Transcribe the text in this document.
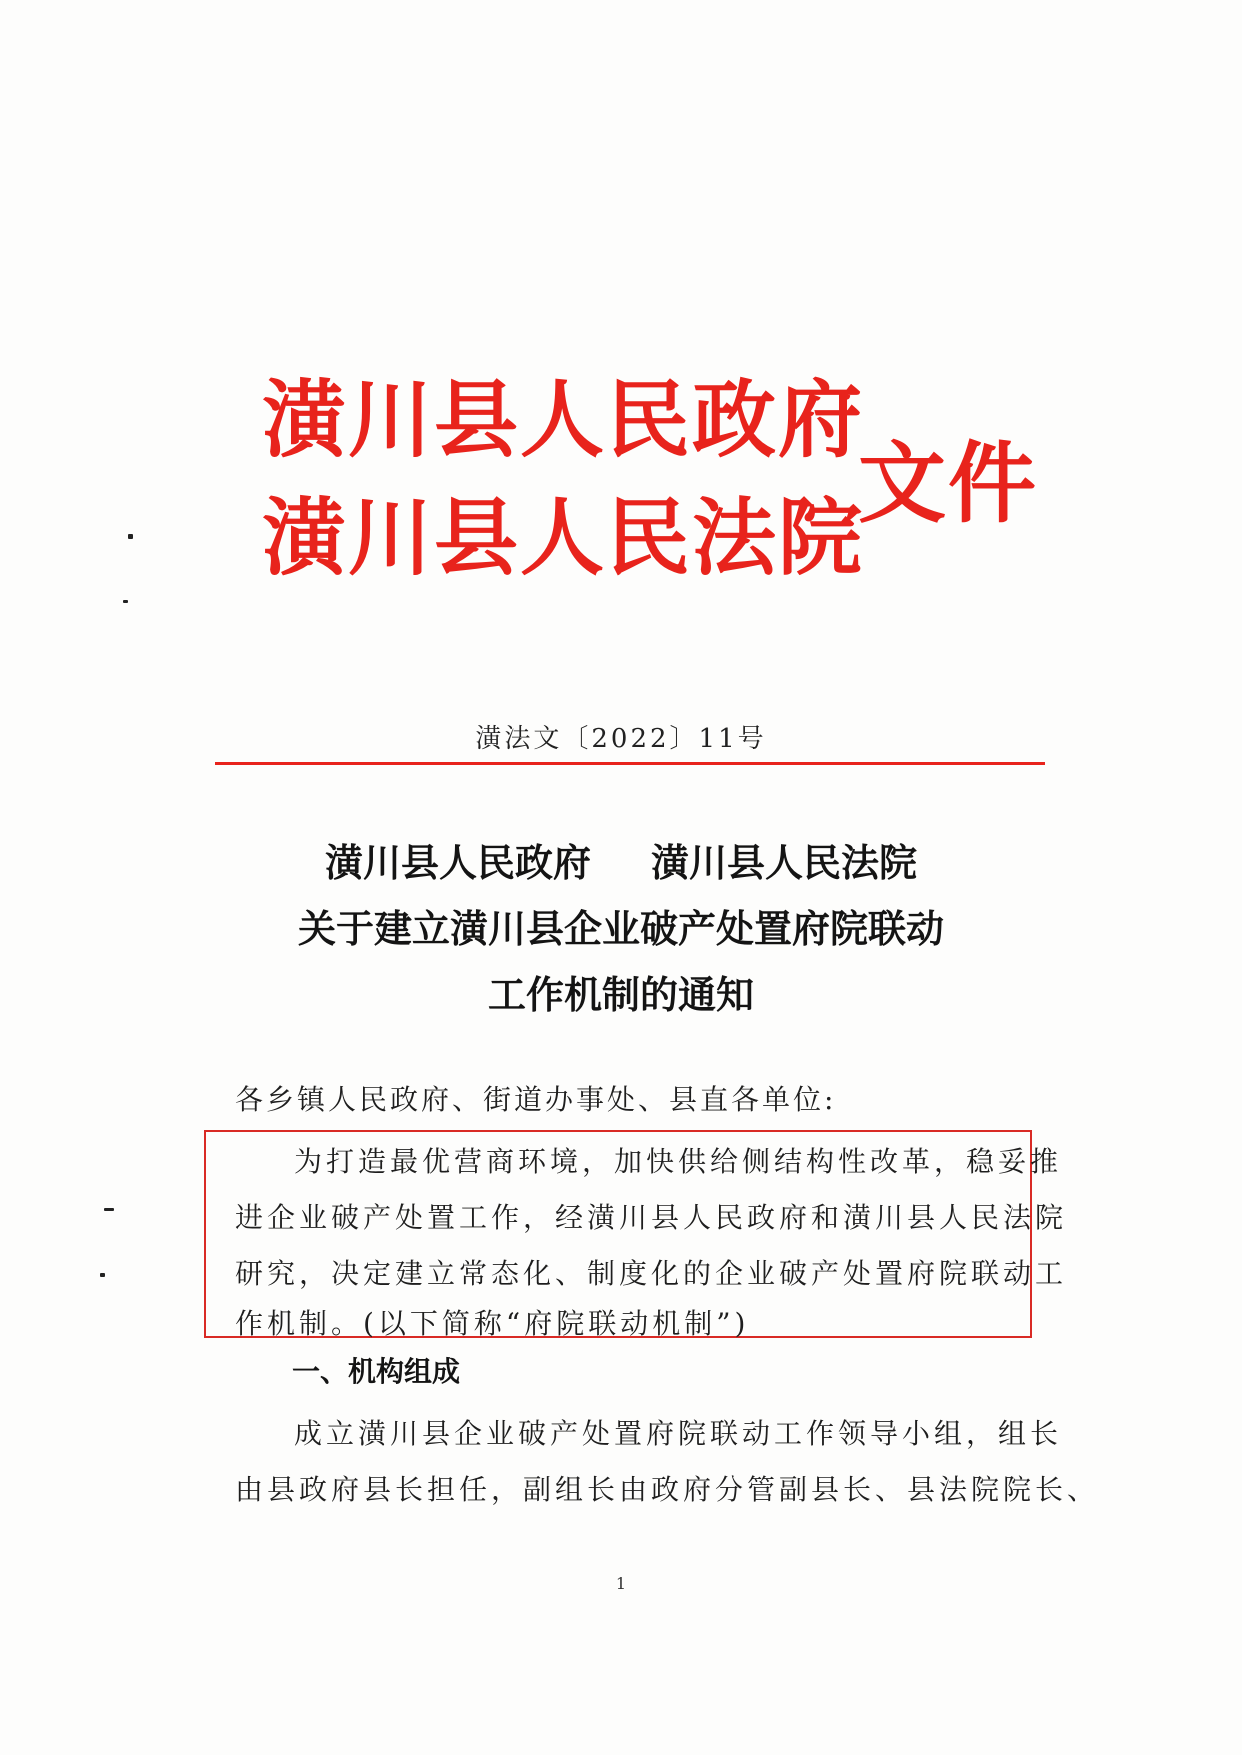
潢川县人民政府
潢川县人民法院
文件
潢法文〔2022〕11号
潢川县人民政府 潢川县人民法院
关于建立潢川县企业破产处置府院联动
工作机制的通知
各乡镇人民政府、街道办事处、县直各单位:
为打造最优营商环境，加快供给侧结构性改革，稳妥推
进企业破产处置工作，经潢川县人民政府和潢川县人民法院
研究，决定建立常态化、制度化的企业破产处置府院联动工
作机制。(以下简称“府院联动机制”)
一、机构组成
成立潢川县企业破产处置府院联动工作领导小组，组长
由县政府县长担任，副组长由政府分管副县长、县法院院长、
1
